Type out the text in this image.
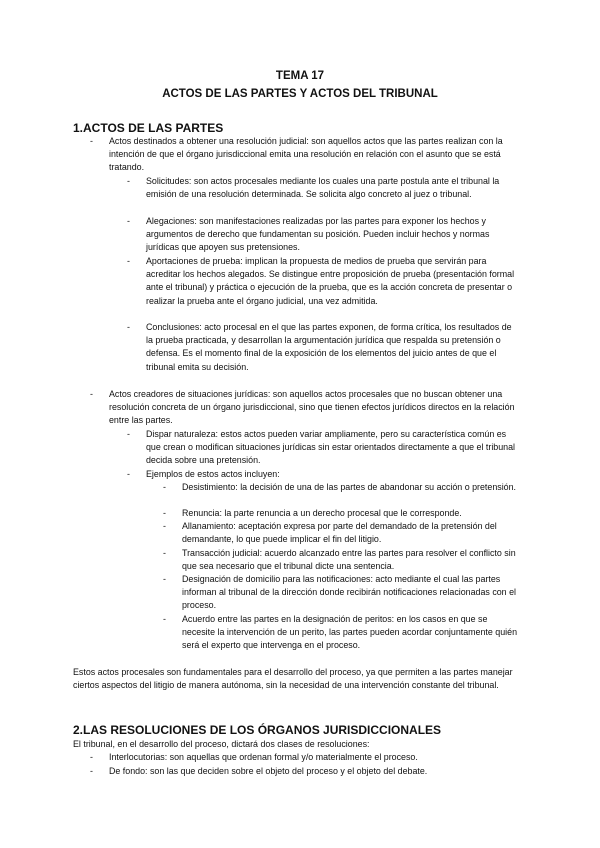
TEMA 17
ACTOS DE LAS PARTES Y ACTOS DEL TRIBUNAL
1.ACTOS DE LAS PARTES
- Actos destinados a obtener una resolución judicial: son aquellos actos que las partes realizan con la intención de que el órgano jurisdiccional emita una resolución en relación con el asunto que se está tratando.
- Solicitudes: son actos procesales mediante los cuales una parte postula ante el tribunal la emisión de una resolución determinada. Se solicita algo concreto al juez o tribunal.
- Alegaciones: son manifestaciones realizadas por las partes para exponer los hechos y argumentos de derecho que fundamentan su posición. Pueden incluir hechos y normas jurídicas que apoyen sus pretensiones.
- Aportaciones de prueba: implican la propuesta de medios de prueba que servirán para acreditar los hechos alegados. Se distingue entre proposición de prueba (presentación formal ante el tribunal) y práctica o ejecución de la prueba, que es la acción concreta de presentar o realizar la prueba ante el órgano judicial, una vez admitida.
- Conclusiones: acto procesal en el que las partes exponen, de forma crítica, los resultados de la prueba practicada, y desarrollan la argumentación jurídica que respalda su pretensión o defensa. Es el momento final de la exposición de los elementos del juicio antes de que el tribunal emita su decisión.
- Actos creadores de situaciones jurídicas: son aquellos actos procesales que no buscan obtener una resolución concreta de un órgano jurisdiccional, sino que tienen efectos jurídicos directos en la relación entre las partes.
- Dispar naturaleza: estos actos pueden variar ampliamente, pero su característica común es que crean o modifican situaciones jurídicas sin estar orientados directamente a que el tribunal decida sobre una pretensión.
- Ejemplos de estos actos incluyen:
- Desistimiento: la decisión de una de las partes de abandonar su acción o pretensión.
- Renuncia: la parte renuncia a un derecho procesal que le corresponde.
- Allanamiento: aceptación expresa por parte del demandado de la pretensión del demandante, lo que puede implicar el fin del litigio.
- Transacción judicial: acuerdo alcanzado entre las partes para resolver el conflicto sin que sea necesario que el tribunal dicte una sentencia.
- Designación de domicilio para las notificaciones: acto mediante el cual las partes informan al tribunal de la dirección donde recibirán notificaciones relacionadas con el proceso.
- Acuerdo entre las partes en la designación de peritos: en los casos en que se necesite la intervención de un perito, las partes pueden acordar conjuntamente quién será el experto que intervenga en el proceso.
Estos actos procesales son fundamentales para el desarrollo del proceso, ya que permiten a las partes manejar ciertos aspectos del litigio de manera autónoma, sin la necesidad de una intervención constante del tribunal.
2.LAS RESOLUCIONES DE LOS ÓRGANOS JURISDICCIONALES
El tribunal, en el desarrollo del proceso, dictará dos clases de resoluciones:
- Interlocutorias: son aquellas que ordenan formal y/o materialmente el proceso.
- De fondo: son las que deciden sobre el objeto del proceso y el objeto del debate.
